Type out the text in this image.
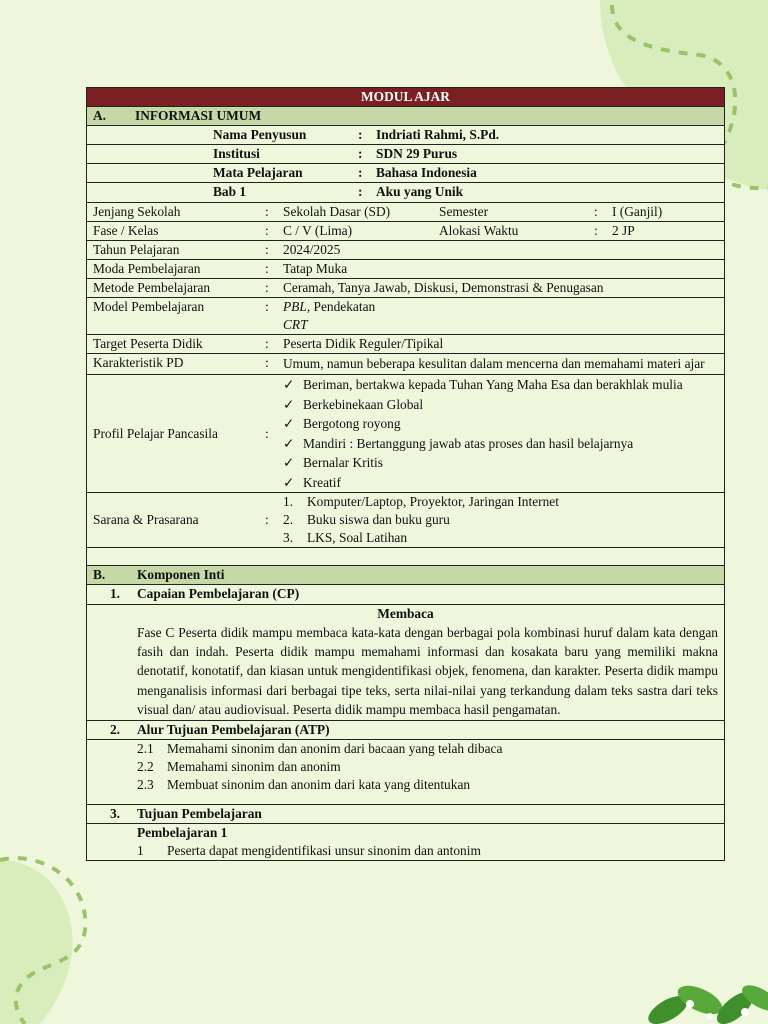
MODUL AJAR

A.	INFORMASI UMUM

Nama Penyusun	:	Indriati Rahmi, S.Pd.

Institusi	:	SDN 29 Purus

Mata Pelajaran	:	Bahasa Indonesia

Bab 1	:	Aku yang Unik

Jenjang Sekolah	:	Sekolah Dasar (SD)	Semester	:	I (Ganjil)

Fase / Kelas	:	C / V (Lima)	Alokasi Waktu	:	2 JP

Tahun Pelajaran	:	2024/2025

Moda Pembelajaran	:	Tatap Muka

Metode Pembelajaran	:	Ceramah, Tanya Jawab, Diskusi, Demonstrasi & Penugasan

Model Pembelajaran	:	PBL, Pendekatan
CRT

Target Peserta Didik	:	Peserta Didik Reguler/Tipikal

Karakteristik PD	:	Umum, namun beberapa kesulitan dalam mencerna dan memahami materi ajar

Profil Pelajar Pancasila	:
✓ Beriman, bertakwa kepada Tuhan Yang Maha Esa dan berakhlak mulia
✓ Berkebinekaan Global
✓ Bergotong royong
✓ Mandiri : Bertanggung jawab atas proses dan hasil belajarnya
✓ Bernalar Kritis
✓ Kreatif

Sarana & Prasarana	:
1.	Komputer/Laptop, Proyektor, Jaringan Internet
2.	Buku siswa dan buku guru
3.	LKS, Soal Latihan

B.	Komponen Inti

1.	Capaian Pembelajaran (CP)

Membaca
Fase C Peserta didik mampu membaca kata-kata dengan berbagai pola kombinasi huruf dalam kata dengan fasih dan indah. Peserta didik mampu memahami informasi dan kosakata baru yang memiliki makna denotatif, konotatif, dan kiasan untuk mengidentifikasi objek, fenomena, dan karakter. Peserta didik mampu menganalisis informasi dari berbagai tipe teks, serta nilai-nilai yang terkandung dalam teks sastra dari teks visual dan/ atau audiovisual. Peserta didik mampu membaca hasil pengamatan.

2.	Alur Tujuan Pembelajaran (ATP)

2.1 Memahami sinonim dan anonim dari bacaan yang telah dibaca
2.2 Memahami sinonim dan anonim
2.3 Membuat sinonim dan anonim dari kata yang ditentukan

3.	Tujuan Pembelajaran

Pembelajaran 1
1	Peserta dapat mengidentifikasi unsur sinonim dan antonim
